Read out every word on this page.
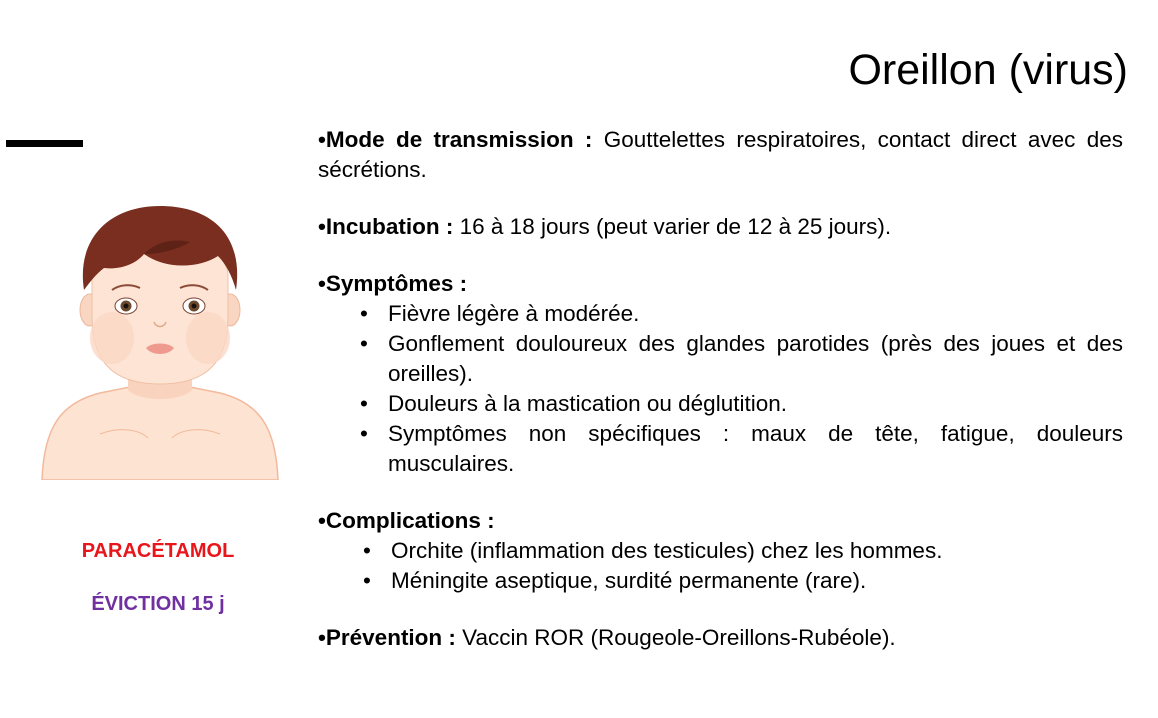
Oreillon (virus)
PARACÉTAMOL
ÉVICTION 15 j
•Mode de transmission : Gouttelettes respiratoires, contact direct avec des sécrétions.
•Incubation : 16 à 18 jours (peut varier de 12 à 25 jours).
•Symptômes :
• Fièvre légère à modérée.
• Gonflement douloureux des glandes parotides (près des joues et des oreilles).
• Douleurs à la mastication ou déglutition.
• Symptômes non spécifiques : maux de tête, fatigue, douleurs musculaires.
•Complications :
• Orchite (inflammation des testicules) chez les hommes.
• Méningite aseptique, surdité permanente (rare).
•Prévention : Vaccin ROR (Rougeole-Oreillons-Rubéole).
